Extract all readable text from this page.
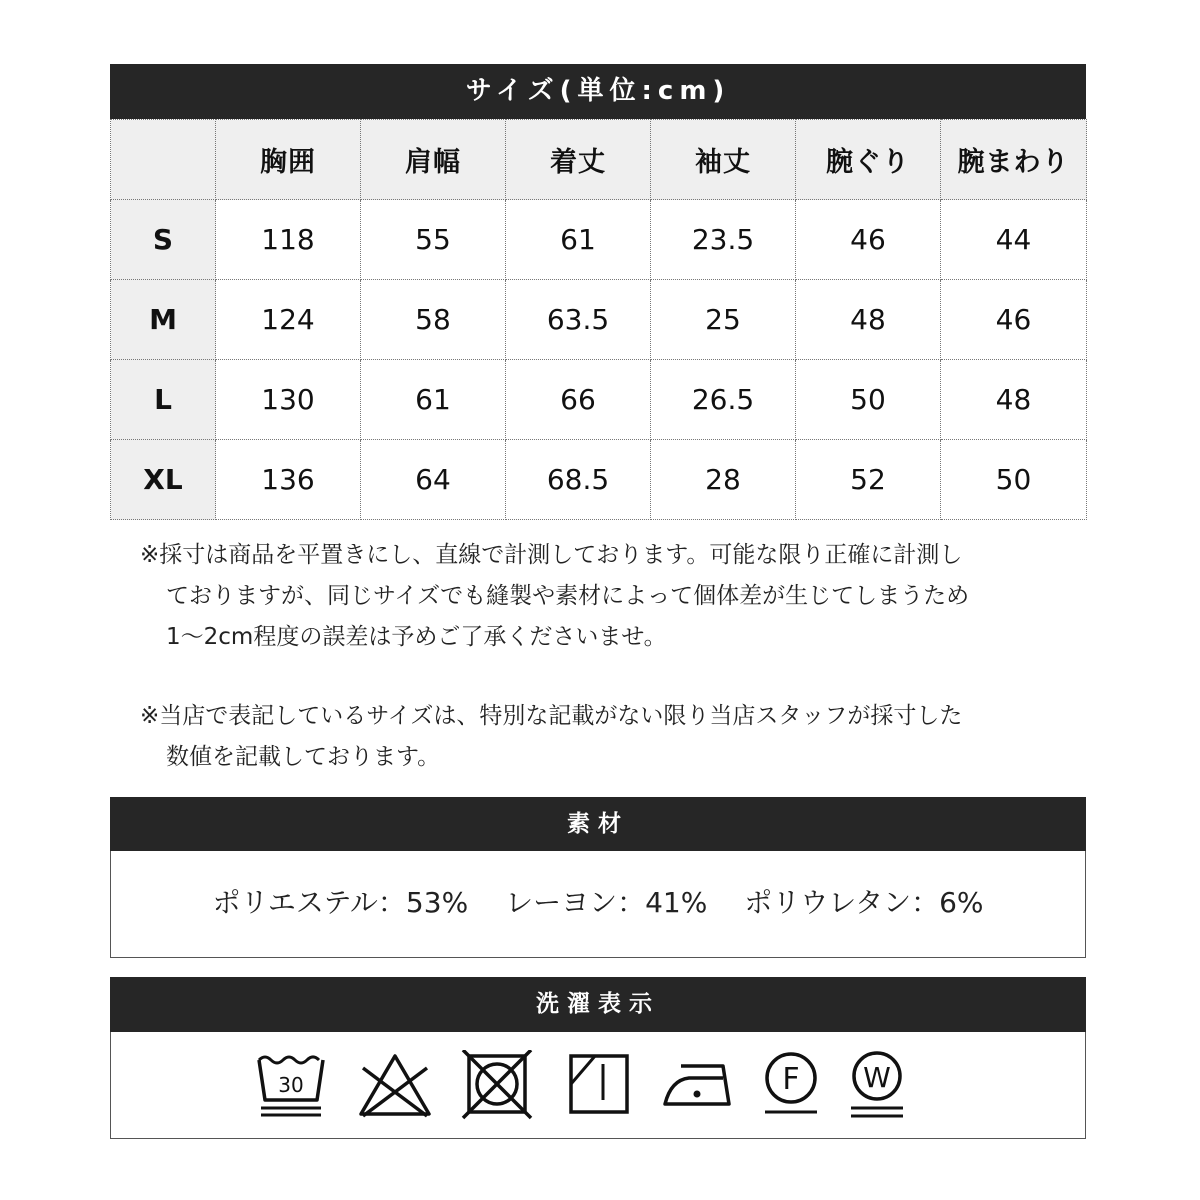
サイズ(単位:cm)
	胸囲	肩幅	着丈	袖丈	腕ぐり	腕まわり
S	118	55	61	23.5	46	44
M	124	58	63.5	25	48	46
L	130	61	66	26.5	50	48
XL	136	64	68.5	28	52	50
※採寸は商品を平置きにし、直線で計測しております。可能な限り正確に計測し
ておりますが、同じサイズでも縫製や素材によって個体差が生じてしまうため
1～2cm程度の誤差は予めご了承くださいませ。
※当店で表記しているサイズは、特別な記載がない限り当店スタッフが採寸した
数値を記載しております。
素材
ポリエステル：53% レーヨン：41% ポリウレタン：6%
洗濯表示
30	F W
